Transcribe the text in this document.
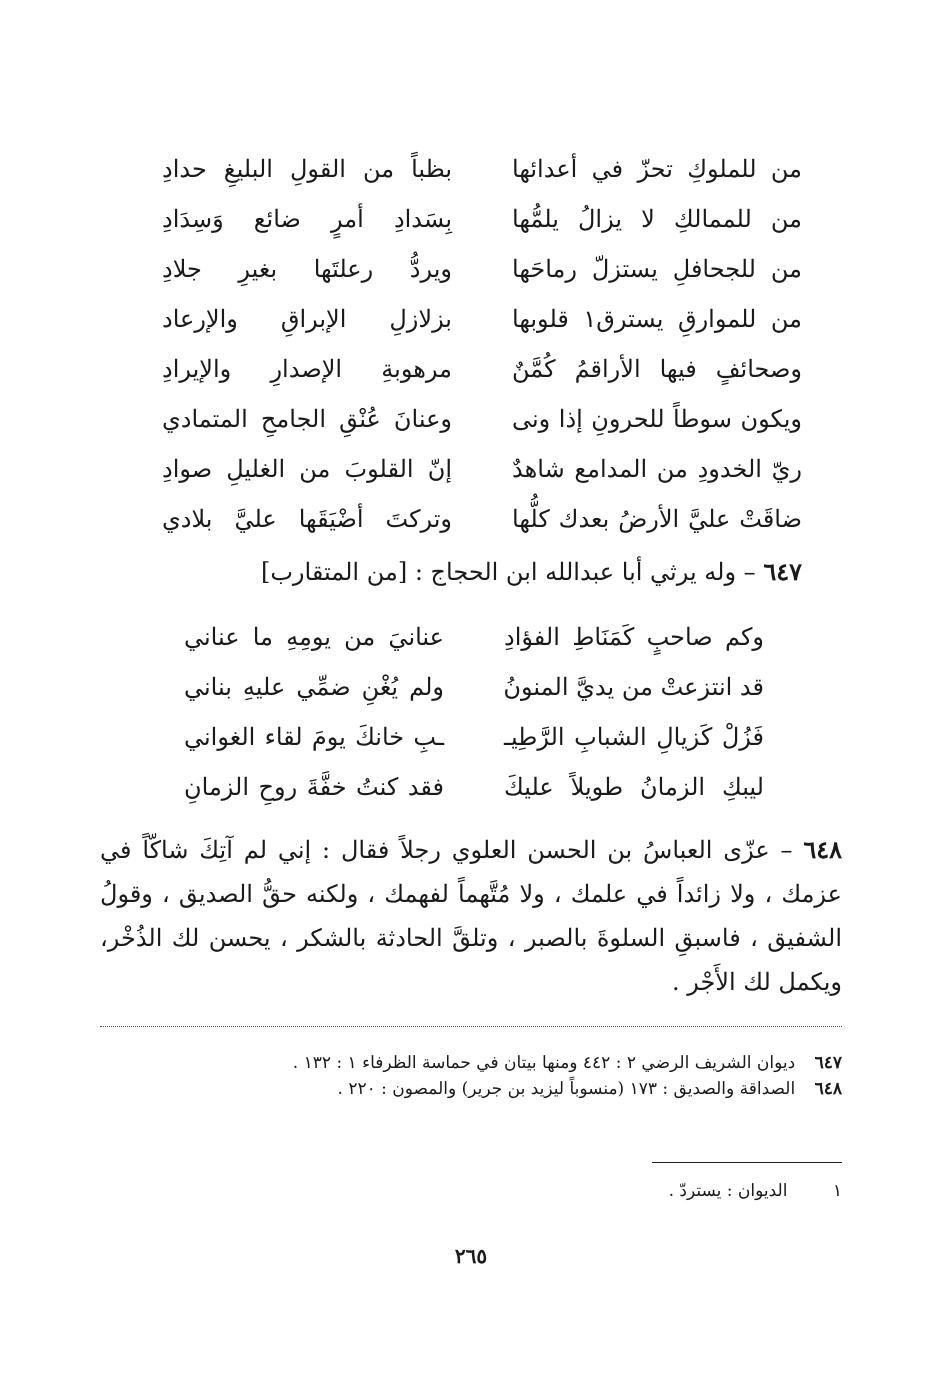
من للملوكِ تحزّ في أعدائها
بظباً من القولِ البليغِ حدادِ
من للممالكِ لا يزالُ يلمُّها
بِسَدادِ أمرٍ ضائع وَسِدَادِ
من للجحافلِ يستزلّ رماحَها
ويردُّ رعلتَها بغيرِ جلادِ
من للموارقِ يسترق١ قلوبها
بزلازلِ الإبراقِ والإرعاد
وصحائفٍ فيها الأراقمُ كُمَّنٌ
مرهوبةِ الإصدارِ والإيرادِ
ويكون سوطاً للحرونِ إذا ونى
وعنانَ عُنْقِ الجامحِ المتمادي
ريّ الخدودِ من المدامع شاهدٌ
إنّ القلوبَ من الغليلِ صوادِ
ضاقَتْ عليَّ الأرضُ بعدك كلُّها
وتركتَ أضْيَقَها عليَّ بلادي
٦٤٧ – وله يرثي أبا عبدالله ابن الحجاج : [من المتقارب]
وكم صاحبٍ كَمَنَاطِ الفؤادِ
عنانيَ من يومِهِ ما عناني
قد انتزعتْ من يديَّ المنونُ
ولم يُغْنِ ضمِّي عليهِ بناني
فَزُلْ كَزيالِ الشبابِ الرَّطِيـ
ـبِ خانكَ يومَ لقاء الغواني
ليبكِ الزمانُ طويلاً عليكَ
فقد كنتُ خفَّةَ روحِ الزمانِ
٦٤٨ – عزّى العباسُ بن الحسن العلوي رجلاً فقال : إني لم آتِكَ شاكّاً في عزمك ، ولا زائداً في علمك ، ولا مُتَّهماً لفهمك ، ولكنه حقُّ الصديق ، وقولُ الشفيق ، فاسبقِ السلوةَ بالصبر ، وتلقَّ الحادثة بالشكر ، يحسن لك الذُخْر، ويكمل لك الأَجْر .
٦٤٧ ديوان الشريف الرضي ٢ : ٤٤٢ ومنها بيتان في حماسة الظرفاء ١ : ١٣٢ .
٦٤٨ الصداقة والصديق : ١٧٣ (منسوباً ليزيد بن جرير) والمصون : ٢٢٠ .
١ الديوان : يستردّ .
٢٦٥
